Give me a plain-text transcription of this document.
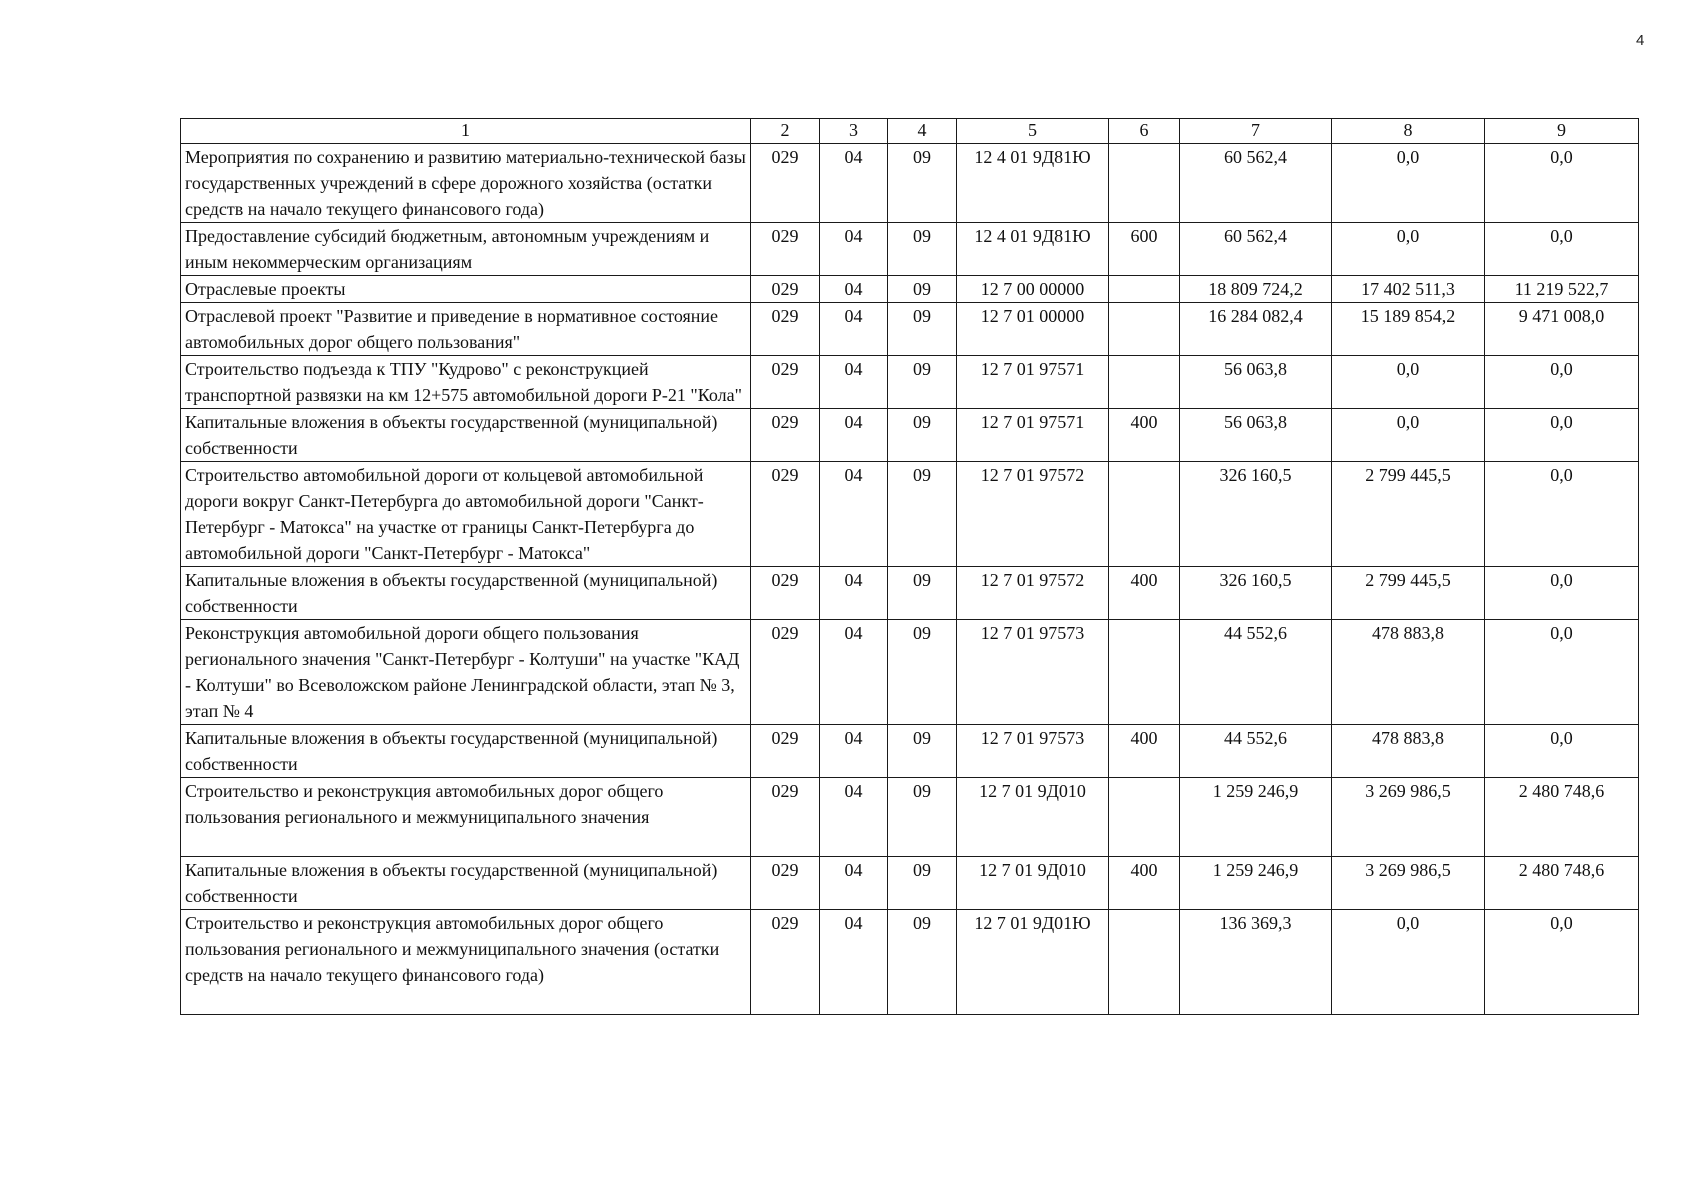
4
1	2	3	4	5	6	7	8	9
Мероприятия по сохранению и развитию материально-технической базы государственных учреждений в сфере дорожного хозяйства (остатки средств на начало текущего финансового года)	029	04	09	12 4 01 9Д81Ю		60 562,4	0,0	0,0
Предоставление субсидий бюджетным, автономным учреждениям и иным некоммерческим организациям	029	04	09	12 4 01 9Д81Ю	600	60 562,4	0,0	0,0
Отраслевые проекты	029	04	09	12 7 00 00000		18 809 724,2	17 402 511,3	11 219 522,7
Отраслевой проект "Развитие и приведение в нормативное состояние автомобильных дорог общего пользования"	029	04	09	12 7 01 00000		16 284 082,4	15 189 854,2	9 471 008,0
Строительство подъезда к ТПУ "Кудрово" с реконструкцией транспортной развязки на км 12+575 автомобильной дороги Р-21 "Кола"	029	04	09	12 7 01 97571		56 063,8	0,0	0,0
Капитальные вложения в объекты государственной (муниципальной) собственности	029	04	09	12 7 01 97571	400	56 063,8	0,0	0,0
Строительство автомобильной дороги от кольцевой автомобильной дороги вокруг Санкт-Петербурга до автомобильной дороги "Санкт-Петербург - Матокса" на участке от границы Санкт-Петербурга до автомобильной дороги "Санкт-Петербург - Матокса"	029	04	09	12 7 01 97572		326 160,5	2 799 445,5	0,0
Капитальные вложения в объекты государственной (муниципальной) собственности	029	04	09	12 7 01 97572	400	326 160,5	2 799 445,5	0,0
Реконструкция автомобильной дороги общего пользования регионального значения "Санкт-Петербург - Колтуши" на участке "КАД - Колтуши" во Всеволожском районе Ленинградской области, этап № 3, этап № 4	029	04	09	12 7 01 97573		44 552,6	478 883,8	0,0
Капитальные вложения в объекты государственной (муниципальной) собственности	029	04	09	12 7 01 97573	400	44 552,6	478 883,8	0,0
Строительство и реконструкция автомобильных дорог общего пользования регионального и межмуниципального значения	029	04	09	12 7 01 9Д010		1 259 246,9	3 269 986,5	2 480 748,6
Капитальные вложения в объекты государственной (муниципальной) собственности	029	04	09	12 7 01 9Д010	400	1 259 246,9	3 269 986,5	2 480 748,6
Строительство и реконструкция автомобильных дорог общего пользования регионального и межмуниципального значения (остатки средств на начало текущего финансового года)	029	04	09	12 7 01 9Д01Ю		136 369,3	0,0	0,0
